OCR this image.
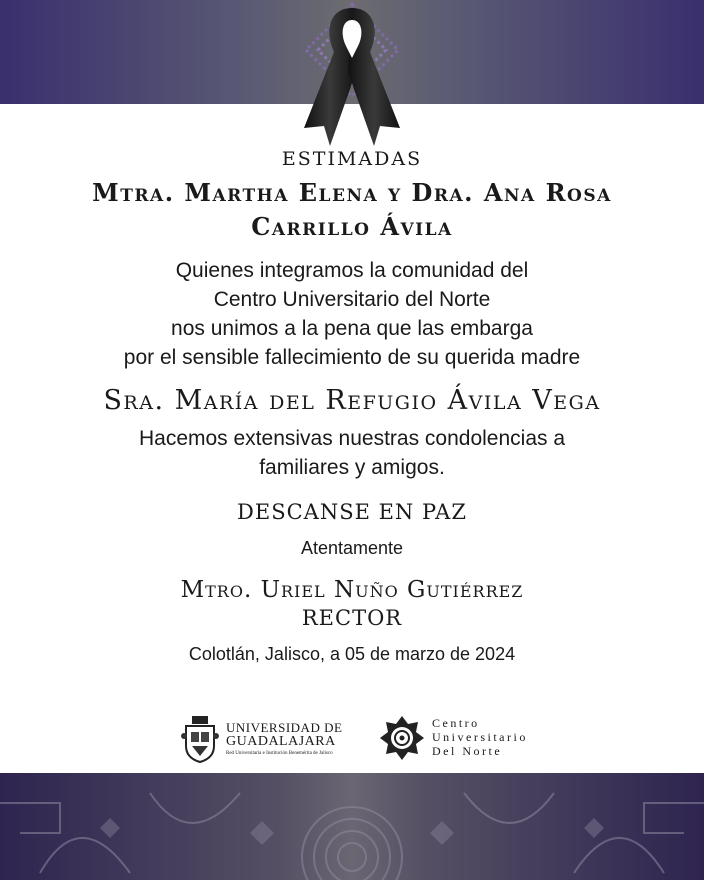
ESTIMADAS
Mtra. Martha Elena y Dra. Ana Rosa
Carrillo Ávila
Quienes integramos la comunidad del
Centro Universitario del Norte
nos unimos a la pena que las embarga
por el sensible fallecimiento de su querida madre
Sra. María del Refugio Ávila Vega
Hacemos extensivas nuestras condolencias a
familiares y amigos.
DESCANSE EN PAZ
Atentamente
Mtro. Uriel Nuño Gutiérrez
RECTOR
Colotlán, Jalisco, a 05 de marzo de 2024
UNIVERSIDAD DE
GUADALAJARA
Red Universitaria e Institución Benemérita de Jalisco
Centro
Universitario
Del Norte
